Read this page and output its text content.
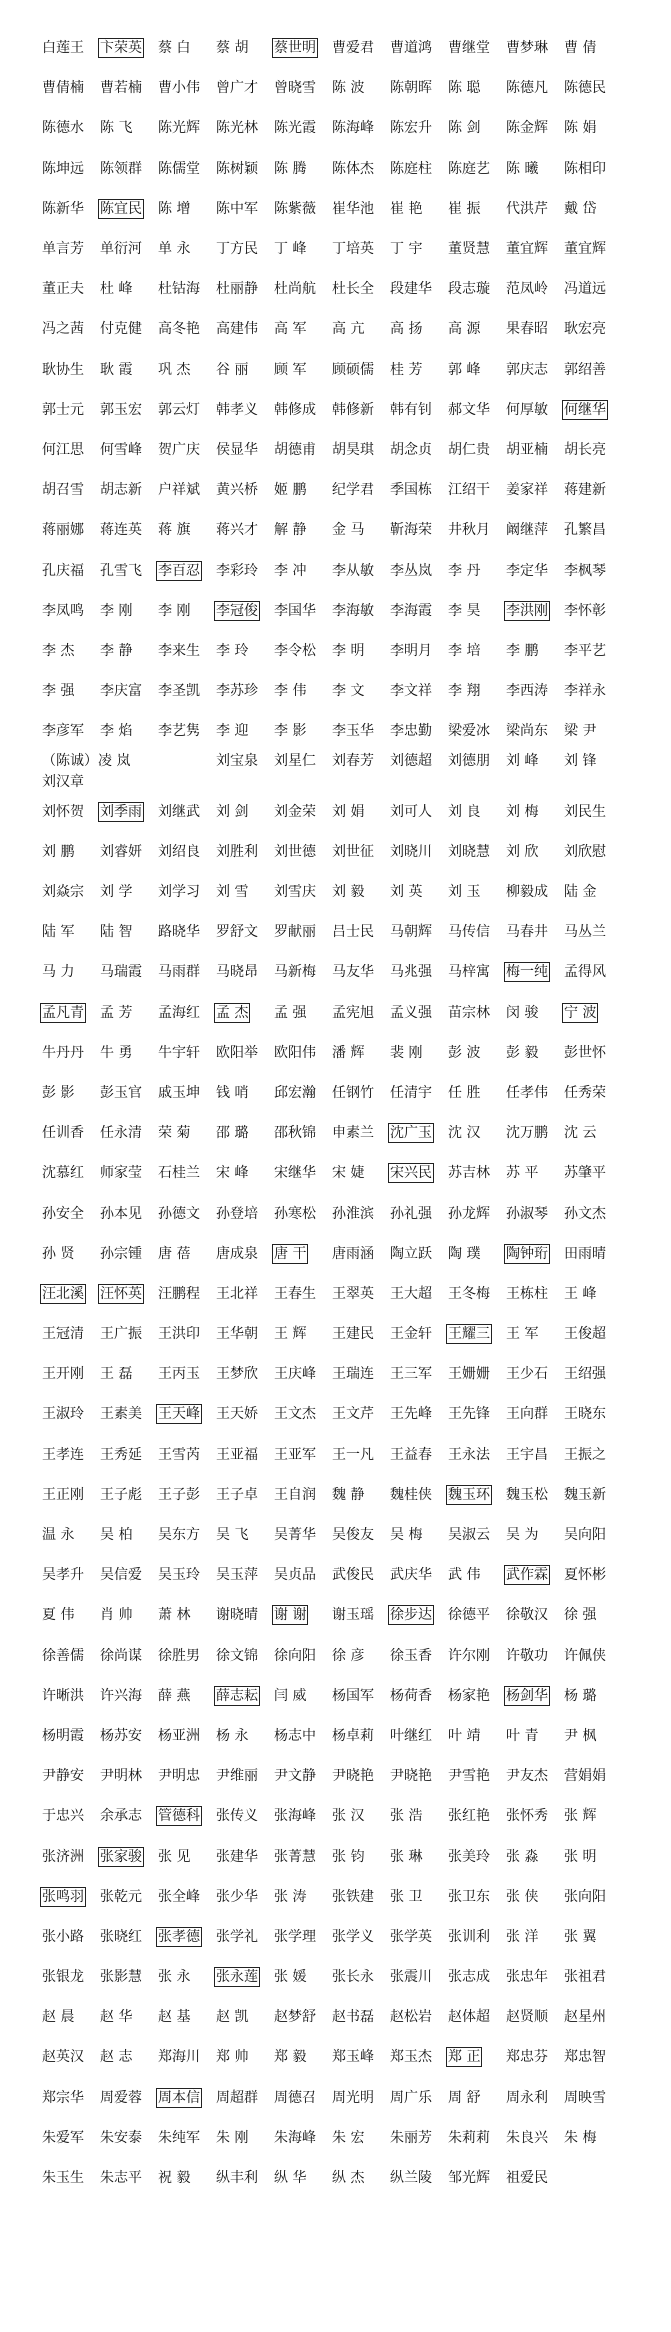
白莲王 卞荣英 蔡 白 蔡 胡 蔡世明 曹爱君 曹道鸿 曹继堂 曹梦琳 曹 倩
曹倩楠 曹若楠 曹小伟 曾广才 曾晓雪 陈 波 陈朝晖 陈 聪 陈德凡 陈德民
陈德水 陈 飞 陈光辉 陈光林 陈光霞 陈海峰 陈宏升 陈 剑 陈金辉 陈 娟
陈坤远 陈领群 陈儒堂 陈树颖 陈 腾 陈体杰 陈庭柱 陈庭艺 陈 曦 陈相印
陈新华 陈宜民 陈 增 陈中军 陈紫薇 崔华池 崔 艳 崔 振 代洪芹 戴 岱
单言芳 单衍河 单 永 丁方民 丁 峰 丁培英 丁 宇 董贤慧 董宜辉 董宜辉
董正夫 杜 峰 杜钴海 杜丽静 杜尚航 杜长全 段建华 段志璇 范凤岭 冯道远
冯之茜 付克健 高冬艳 高建伟 高 军 高 亢 高 扬 高 源 果春昭 耿宏亮
耿协生 耿 霞 巩 杰 谷 丽 顾 军 顾硕儒 桂 芳 郭 峰 郭庆志 郭绍善
郭士元 郭玉宏 郭云灯 韩孝义 韩修成 韩修新 韩有钊 郝文华 何厚敏 何继华
何江思 何雪峰 贺广庆 侯显华 胡德甫 胡昊琪 胡念贞 胡仁贵 胡亚楠 胡长亮
胡召雪 胡志新 户祥斌 黄兴桥 姬 鹏 纪学君 季国栋 江绍干 姜家祥 蒋建新
蒋丽娜 蒋连英 蒋 旗 蒋兴才 解 静 金 马 靳海荣 井秋月 阚继萍 孔繁昌
孔庆福 孔雪飞 李百忍 李彩玲 李 冲 李从敏 李丛岚 李 丹 李定华 李枫琴
李凤鸣 李 刚 李 刚 李冠俊 李国华 李海敏 李海霞 李 昊 李洪刚 李怀彰
李 杰 李 静 李来生 李 玲 李令松 李 明 李明月 李 培 李 鹏 李平艺
李 强 李庆富 李圣凯 李苏珍 李 伟 李 文 李文祥 李 翔 李西涛 李祥永
李彦军 李 焰 李艺隽 李 迎 李 影 李玉华 李忠勤 梁爱冰 梁尚东 梁 尹
（陈诚）凌 岚	刘宝泉 刘星仁 刘春芳 刘德超 刘德朋 刘 峰 刘 锋
刘汉章
刘怀贺 刘季雨 刘继武 刘 剑 刘金荣 刘 娟 刘可人 刘 良 刘 梅 刘民生
刘 鹏 刘睿妍 刘绍良 刘胜利 刘世德 刘世征 刘晓川 刘晓慧 刘 欣 刘欣慰
刘焱宗 刘 学 刘学习 刘 雪 刘雪庆 刘 毅 刘 英 刘 玉 柳毅成 陆 金
陆 军 陆 智 路晓华 罗舒文 罗献丽 吕士民 马朝辉 马传信 马春井 马丛兰
马 力 马瑞霞 马雨群 马晓昂 马新梅 马友华 马兆强 马梓寓 梅一纯 孟得风
孟凡青 孟 芳 孟海红 孟 杰 孟 强 孟宪旭 孟义强 苗宗林 闵 骏 宁 波
牛丹丹 牛 勇 牛宇轩 欧阳举 欧阳伟 潘 辉 裴 刚 彭 波 彭 毅 彭世怀
彭 影 彭玉官 戚玉坤 钱 哨 邱宏瀚 任钢竹 任清宇 任 胜 任孝伟 任秀荣
任训香 任永清 荣 菊 邵 璐 邵秋锦 申素兰 沈广玉 沈 汉 沈万鹏 沈 云
沈慕红 师家莹 石桂兰 宋 峰 宋继华 宋 婕 宋兴民 苏吉林 苏 平 苏肇平
孙安全 孙本见 孙德文 孙登培 孙寒松 孙淮滨 孙礼强 孙龙辉 孙淑琴 孙文杰
孙 贤 孙宗锺 唐 蓓 唐成泉 唐 干 唐雨涵 陶立跃 陶 璞 陶钟珩 田雨晴
汪北溪 汪怀英 汪鹏程 王北祥 王春生 王翠英 王大超 王冬梅 王栋柱 王 峰
王冠清 王广振 王洪印 王华朝 王 辉 王建民 王金轩 王耀三 王 军 王俊超
王开刚 王 磊 王丙玉 王梦欣 王庆峰 王瑞连 王三军 王姗姗 王少石 王绍强
王淑玲 王素美 王天峰 王天娇 王文杰 王文芹 王先峰 王先锋 王向群 王晓东
王孝连 王秀延 王雪芮 王亚福 王亚军 王一凡 王益春 王永法 王宇昌 王振之
王正刚 王子彪 王子彭 王子卓 王自润 魏 静 魏桂侠 魏玉环 魏玉松 魏玉新
温 永 吴 柏 吴东方 吴 飞 吴菁华 吴俊友 吴 梅 吴淑云 吴 为 吴向阳
吴孝升 吴信爱 吴玉玲 吴玉萍 吴贞品 武俊民 武庆华 武 伟 武作霖 夏怀彬
夏 伟 肖 帅 萧 林 谢晓晴 谢 谢 谢玉瑶 徐步达 徐德平 徐敬汉 徐 强
徐善儒 徐尚谋 徐胜男 徐文锦 徐向阳 徐 彦 徐玉香 许尔刚 许敬功 许佩侠
许晰洪 许兴海 薛 燕 薛志耘 闫 威 杨国军 杨荷香 杨家艳 杨剑华 杨 璐
杨明霞 杨苏安 杨亚洲 杨 永 杨志中 杨卓莉 叶继红 叶 靖 叶 青 尹 枫
尹静安 尹明林 尹明忠 尹维丽 尹文静 尹晓艳 尹晓艳 尹雪艳 尹友杰 营娟娟
于忠兴 余承志 管德科 张传义 张海峰 张 汉 张 浩 张红艳 张怀秀 张 辉
张济洲 张家骏 张 见 张建华 张菁慧 张 钧 张 琳 张美玲 张 淼 张 明
张鸣羽 张乾元 张全峰 张少华 张 涛 张铁建 张 卫 张卫东 张 侠 张向阳
张小路 张晓红 张孝德 张学礼 张学理 张学义 张学英 张训利 张 洋 张 翼
张银龙 张影慧 张 永 张永莲 张 媛 张长永 张震川 张志成 张忠年 张祖君
赵 晨 赵 华 赵 基 赵 凯 赵梦舒 赵书磊 赵松岩 赵体超 赵贤顺 赵星州
赵英汉 赵 志 郑海川 郑 帅 郑 毅 郑玉峰 郑玉杰 郑 正 郑忠芬 郑忠智
郑宗华 周爱蓉 周本信 周超群 周德召 周光明 周广乐 周 舒 周永利 周映雪
朱爱军 朱安泰 朱纯军 朱 刚 朱海峰 朱 宏 朱丽芳 朱莉莉 朱良兴 朱 梅
朱玉生 朱志平 祝 毅 纵丰利 纵 华 纵 杰 纵兰陵 邹光辉 祖爱民
